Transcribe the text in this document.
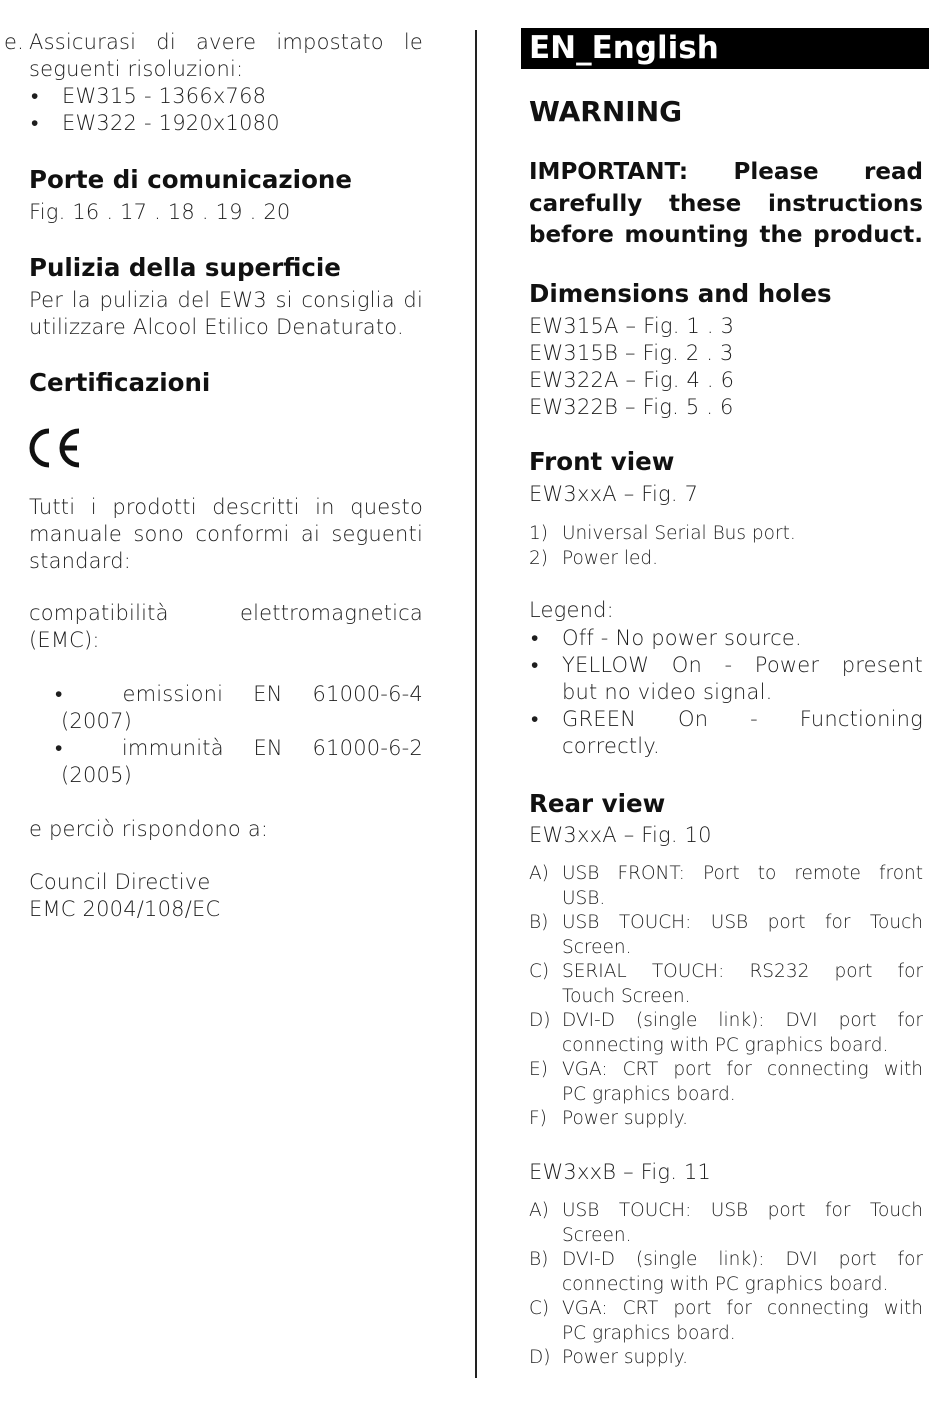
e. Assicurasi di avere impostato le
seguenti risoluzioni:
• EW315 - 1366x768
• EW322 - 1920x1080
Porte di comunicazione
Fig. 16 . 17 . 18 . 19 . 20
Pulizia della superficie
Per la pulizia del EW3 si consiglia di
utilizzare Alcool Etilico Denaturato.
Certificazioni
Tutti i prodotti descritti in questo
manuale sono conformi ai seguenti
standard:
compatibilità elettromagnetica
(EMC):
•  emissioni EN 61000-6-4
(2007)
•  immunità EN 61000-6-2
(2005)
e perciò rispondono a:
Council Directive
EMC 2004/108/EC
EN_English
WARNING
IMPORTANT: Please read
carefully these instructions
before mounting the product.
Dimensions and holes
EW315A – Fig. 1 . 3
EW315B – Fig. 2 . 3
EW322A – Fig. 4 . 6
EW322B – Fig. 5 . 6
Front view
EW3xxA – Fig. 7
1) Universal Serial Bus port.
2) Power led.
Legend:
• Off - No power source.
• YELLOW On - Power present
but no video signal.
• GREEN On - Functioning
correctly.
Rear view
EW3xxA – Fig. 10
A) USB FRONT: Port to remote front
USB.
B) USB TOUCH: USB port for Touch
Screen.
C) SERIAL TOUCH: RS232 port for
Touch Screen.
D) DVI-D (single link): DVI port for
connecting with PC graphics board.
E) VGA: CRT port for connecting with
PC graphics board.
F) Power supply.
EW3xxB – Fig. 11
A) USB TOUCH: USB port for Touch
Screen.
B) DVI-D (single link): DVI port for
connecting with PC graphics board.
C) VGA: CRT port for connecting with
PC graphics board.
D) Power supply.
